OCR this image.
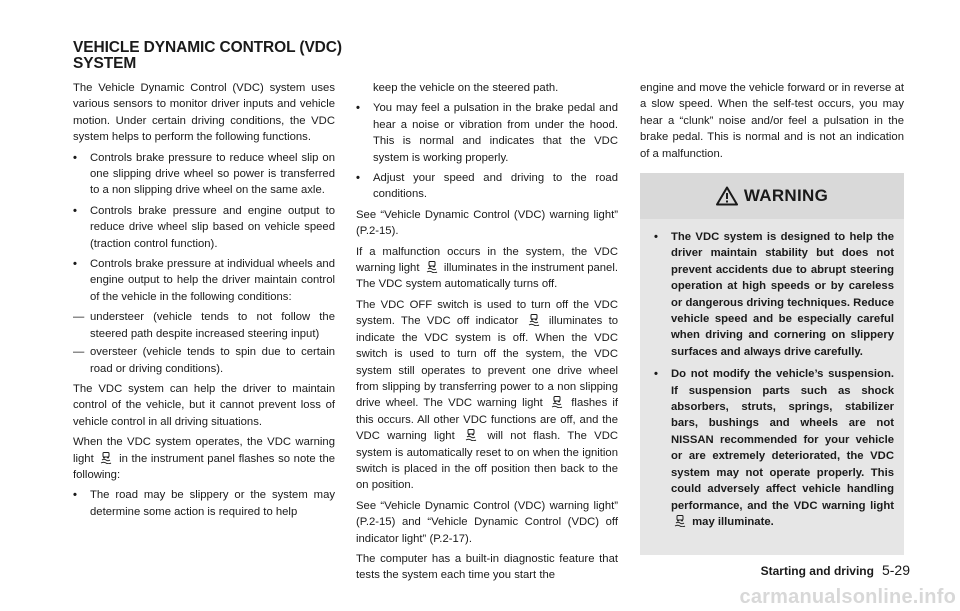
VEHICLE DYNAMIC CONTROL (VDC) SYSTEM

The Vehicle Dynamic Control (VDC) system uses various sensors to monitor driver inputs and vehicle motion. Under certain driving conditions, the VDC system helps to perform the following functions.

• Controls brake pressure to reduce wheel slip on one slipping drive wheel so power is transferred to a non slipping drive wheel on the same axle.
• Controls brake pressure and engine output to reduce drive wheel slip based on vehicle speed (traction control function).
• Controls brake pressure at individual wheels and engine output to help the driver maintain control of the vehicle in the following conditions:
— understeer (vehicle tends to not follow the steered path despite increased steering input)
— oversteer (vehicle tends to spin due to certain road or driving conditions).

The VDC system can help the driver to maintain control of the vehicle, but it cannot prevent loss of vehicle control in all driving situations.

When the VDC system operates, the VDC warning light in the instrument panel flashes so note the following:

• The road may be slippery or the system may determine some action is required to help
keep the vehicle on the steered path.
• You may feel a pulsation in the brake pedal and hear a noise or vibration from under the hood. This is normal and indicates that the VDC system is working properly.
• Adjust your speed and driving to the road conditions.

See “Vehicle Dynamic Control (VDC) warning light” (P.2-15).

If a malfunction occurs in the system, the VDC warning light illuminates in the instrument panel. The VDC system automatically turns off.

The VDC OFF switch is used to turn off the VDC system. The VDC off indicator	illuminates to indicate the VDC system is off. When the VDC switch is used to turn off the system, the VDC system still operates to prevent one drive wheel from slipping by transferring power to a non slipping drive wheel. The VDC warning light	flashes if this occurs. All other VDC functions are off, and the VDC warning light	will not flash. The VDC system is automatically reset to on when the ignition switch is placed in the off position then back to the on position.

See “Vehicle Dynamic Control (VDC) warning light” (P.2-15) and “Vehicle Dynamic Control (VDC) off indicator light” (P.2-17).

The computer has a built-in diagnostic feature that tests the system each time you start the

engine and move the vehicle forward or in reverse at a slow speed. When the self-test occurs, you may hear a “clunk” noise and/or feel a pulsation in the brake pedal. This is normal and is not an indication of a malfunction.

WARNING
• The VDC system is designed to help the driver maintain stability but does not prevent accidents due to abrupt steering operation at high speeds or by careless or dangerous driving techniques. Reduce vehicle speed and be especially careful when driving and cornering on slippery surfaces and always drive carefully.
• Do not modify the vehicle’s suspension. If suspension parts such as shock absorbers, struts, springs, stabilizer bars, bushings and wheels are not NISSAN recommended for your vehicle or are extremely deteriorated, the VDC system may not operate properly. This could adversely affect vehicle handling performance, and the VDC warning light  may illuminate.
Starting and driving 5-29
carmanualsonline.info
